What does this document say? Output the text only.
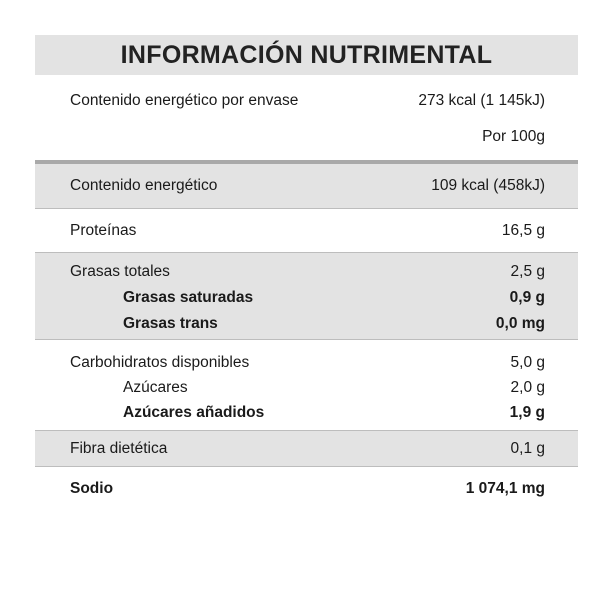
INFORMACIÓN NUTRIMENTAL
Contenido energético por envase	273 kcal (1 145kJ)
Por 100g
Contenido energético	109 kcal (458kJ)
Proteínas	16,5 g
Grasas totales	2,5 g
Grasas saturadas	0,9 g
Grasas trans	0,0 mg
Carbohidratos disponibles	5,0 g
Azúcares	2,0 g
Azúcares añadidos	1,9 g
Fibra dietética	0,1 g
Sodio	1 074,1 mg
